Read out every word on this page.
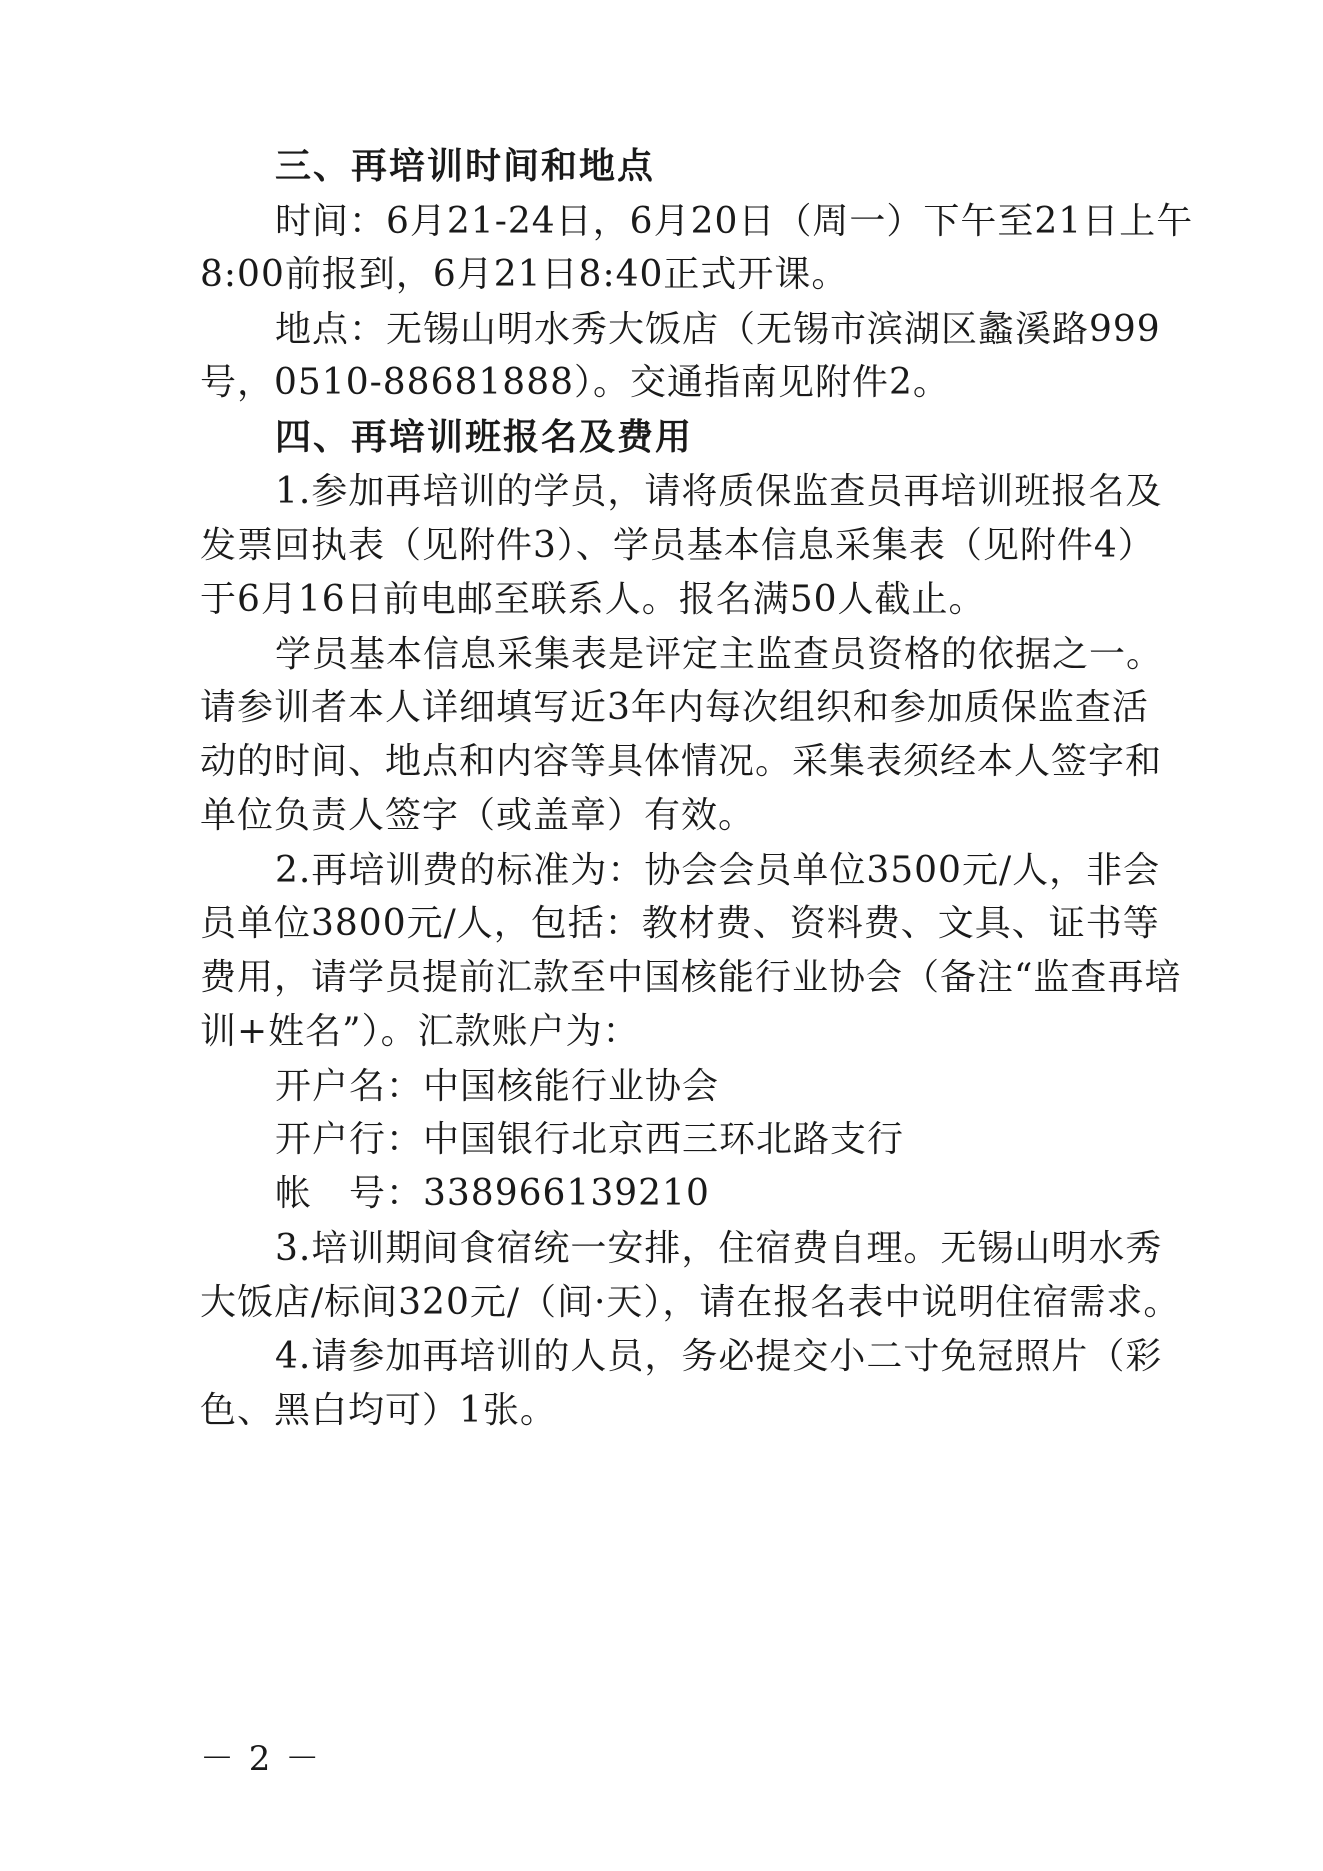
三、再培训时间和地点
时间：6月21-24日，6月20日（周一）下午至21日上午
8:00前报到，6月21日8:40正式开课。
地点：无锡山明水秀大饭店（无锡市滨湖区蠡溪路999
号，0510-88681888）。交通指南见附件2。
四、再培训班报名及费用
1.参加再培训的学员，请将质保监查员再培训班报名及
发票回执表（见附件3）、学员基本信息采集表（见附件4）
于6月16日前电邮至联系人。报名满50人截止。
学员基本信息采集表是评定主监查员资格的依据之一。
请参训者本人详细填写近3年内每次组织和参加质保监查活
动的时间、地点和内容等具体情况。采集表须经本人签字和
单位负责人签字（或盖章）有效。
2.再培训费的标准为：协会会员单位3500元/人，非会
员单位3800元/人，包括：教材费、资料费、文具、证书等
费用，请学员提前汇款至中国核能行业协会（备注“监查再培
训+姓名”）。汇款账户为：
开户名：中国核能行业协会
开户行：中国银行北京西三环北路支行
帐　号：338966139210
3.培训期间食宿统一安排，住宿费自理。无锡山明水秀
大饭店/标间320元/（间·天），请在报名表中说明住宿需求。
4.请参加再培训的人员，务必提交小二寸免冠照片（彩
色、黑白均可）1张。
－ 2 －
